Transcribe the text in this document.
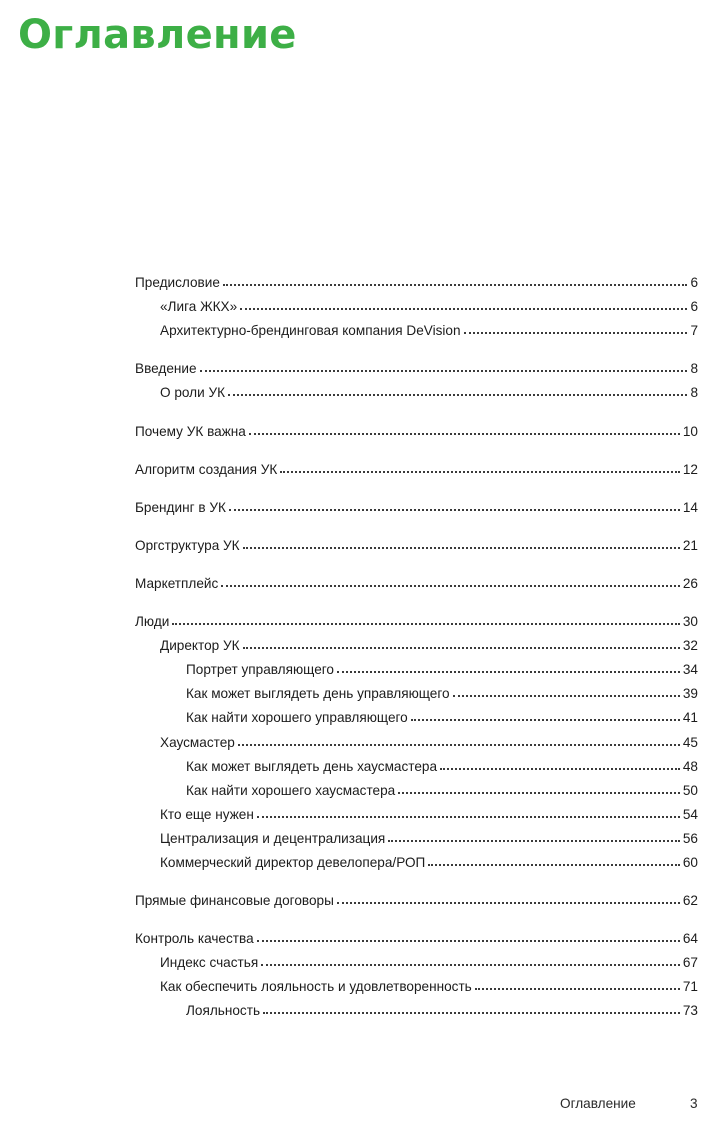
Оглавление
Предисловие	6
«Лига ЖКХ»	6
Архитектурно-брендинговая компания DeVision	7
Введение	8
О роли УК	8
Почему УК важна	10
Алгоритм создания УК	12
Брендинг в УК	14
Оргструктура УК	21
Маркетплейс	26
Люди	30
Директор УК	32
Портрет управляющего	34
Как может выглядеть день управляющего	39
Как найти хорошего управляющего	41
Хаусмастер	45
Как может выглядеть день хаусмастера	48
Как найти хорошего хаусмастера	50
Кто еще нужен	54
Централизация и децентрализация	56
Коммерческий директор девелопера/РОП	60
Прямые финансовые договоры	62
Контроль качества	64
Индекс счастья	67
Как обеспечить лояльность и удовлетворенность	71
Лояльность	73
Оглавление	3
